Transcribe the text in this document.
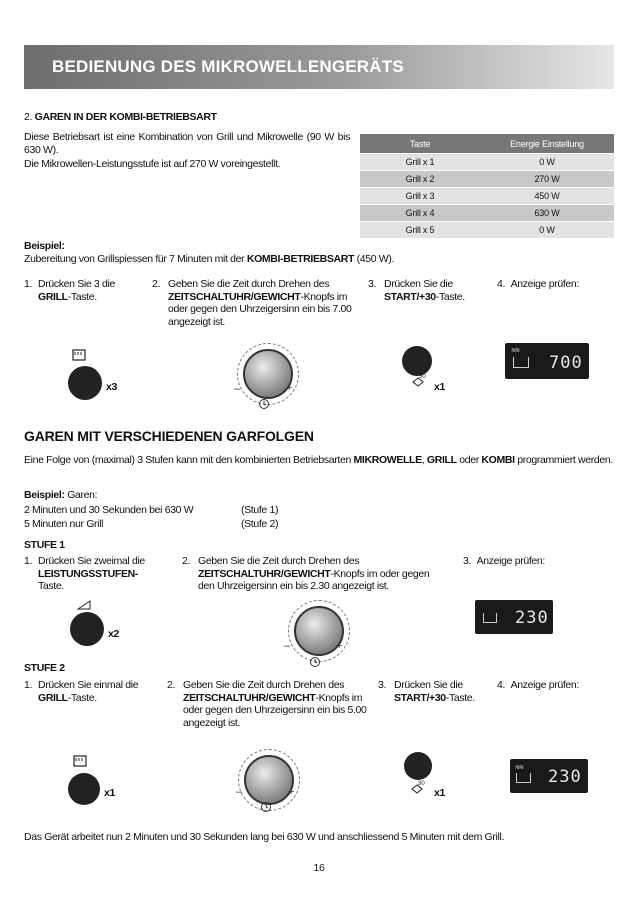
BEDIENUNG DES MIKROWELLENGERÄTS
2. GAREN IN DER KOMBI-BETRIEBSART
Diese Betriebsart ist eine Kombination von Grill und Mikrowelle (90 W bis 630 W).
Die Mikrowellen-Leistungsstufe ist auf 270 W voreingestellt.
Taste	Energie Einstellung
Grill x 1	0 W
Grill x 2	270 W
Grill x 3	450 W
Grill x 4	630 W
Grill x 5	0 W
Beispiel:
Zubereitung von Grillspiessen für 7 Minuten mit der KOMBI-BETRIEBSART (450 W).
1. Drücken Sie 3 die GRILL-Taste.
2. Geben Sie die Zeit durch Drehen des ZEITSCHALTUHR/GEWICHT-Knopfs im oder gegen den Uhrzeigersinn ein bis 7.00 angezeigt ist.
3. Drücken Sie die START/+30-Taste.
4. Anzeige prüfen:
x3	–	+
30
x1
≋≋
700
GAREN MIT VERSCHIEDENEN GARFOLGEN
Eine Folge von (maximal) 3 Stufen kann mit den kombinierten Betriebsarten MIKROWELLE, GRILL oder KOMBI programmiert werden.
Beispiel: Garen:
2 Minuten und 30 Sekunden bei 630 W	(Stufe 1)
5 Minuten nur Grill	(Stufe 2)
STUFE 1
1. Drücken Sie zweimal die LEISTUNGSSTUFEN- Taste.
2. Geben Sie die Zeit durch Drehen des ZEITSCHALTUHR/GEWICHT-Knopfs im oder gegen den Uhrzeigersinn ein bis 2.30 angezeigt ist.
3. Anzeige prüfen:
x2
–	+
230
STUFE 2
1. Drücken Sie einmal die GRILL-Taste.
2. Geben Sie die Zeit durch Drehen des ZEITSCHALTUHR/GEWICHT-Knopfs im oder gegen den Uhrzeigersinn ein bis 5.00 angezeigt ist.
3. Drücken Sie die START/+30-Taste.
4. Anzeige prüfen:
x1	–	+
30
x1
≋≋ 230
Das Gerät arbeitet nun 2 Minuten und 30 Sekunden lang bei 630 W und anschliessend 5 Minuten mit dem Grill.
16
